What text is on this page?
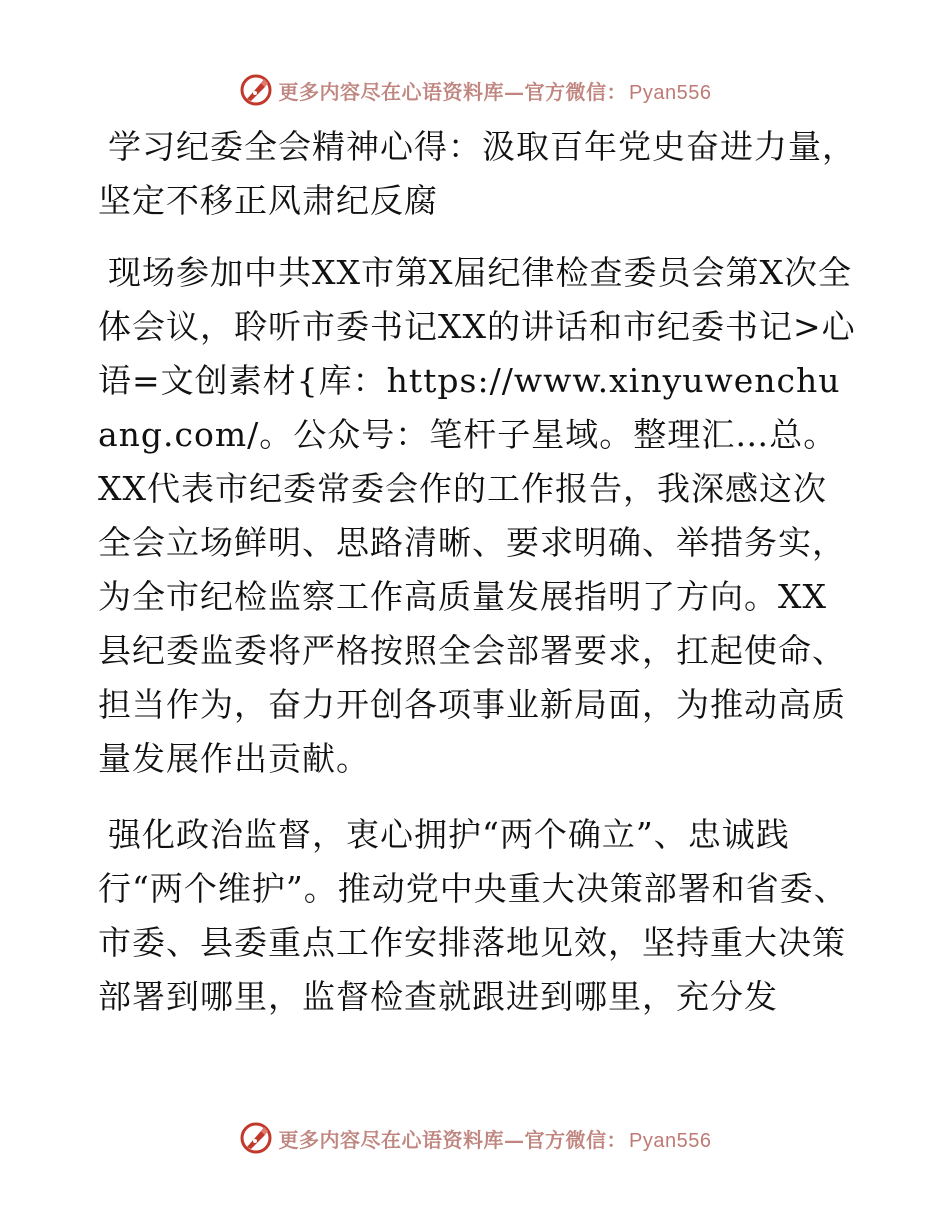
更多内容尽在心语资料库—官方微信： Pyan556

学习纪委全会精神心得：汲取百年党史奋进力量，坚定不移正风肃纪反腐

现场参加中共XX市第X届纪律检查委员会第X次全体会议，聆听市委书记XX的讲话和市纪委书记>心语=文创素材{库：https://www.xinyuwenchuang.com/。公众号：笔杆子星域。整理汇…总。XX代表市纪委常委会作的工作报告，我深感这次全会立场鲜明、思路清晰、要求明确、举措务实，为全市纪检监察工作高质量发展指明了方向。XX县纪委监委将严格按照全会部署要求，扛起使命、担当作为，奋力开创各项事业新局面，为推动高质量发展作出贡献。

强化政治监督，衷心拥护“两个确立”、忠诚践行“两个维护”。推动党中央重大决策部署和省委、市委、县委重点工作安排落地见效，坚持重大决策部署到哪里，监督检查就跟进到哪里，充分发

更多内容尽在心语资料库—官方微信： Pyan556
